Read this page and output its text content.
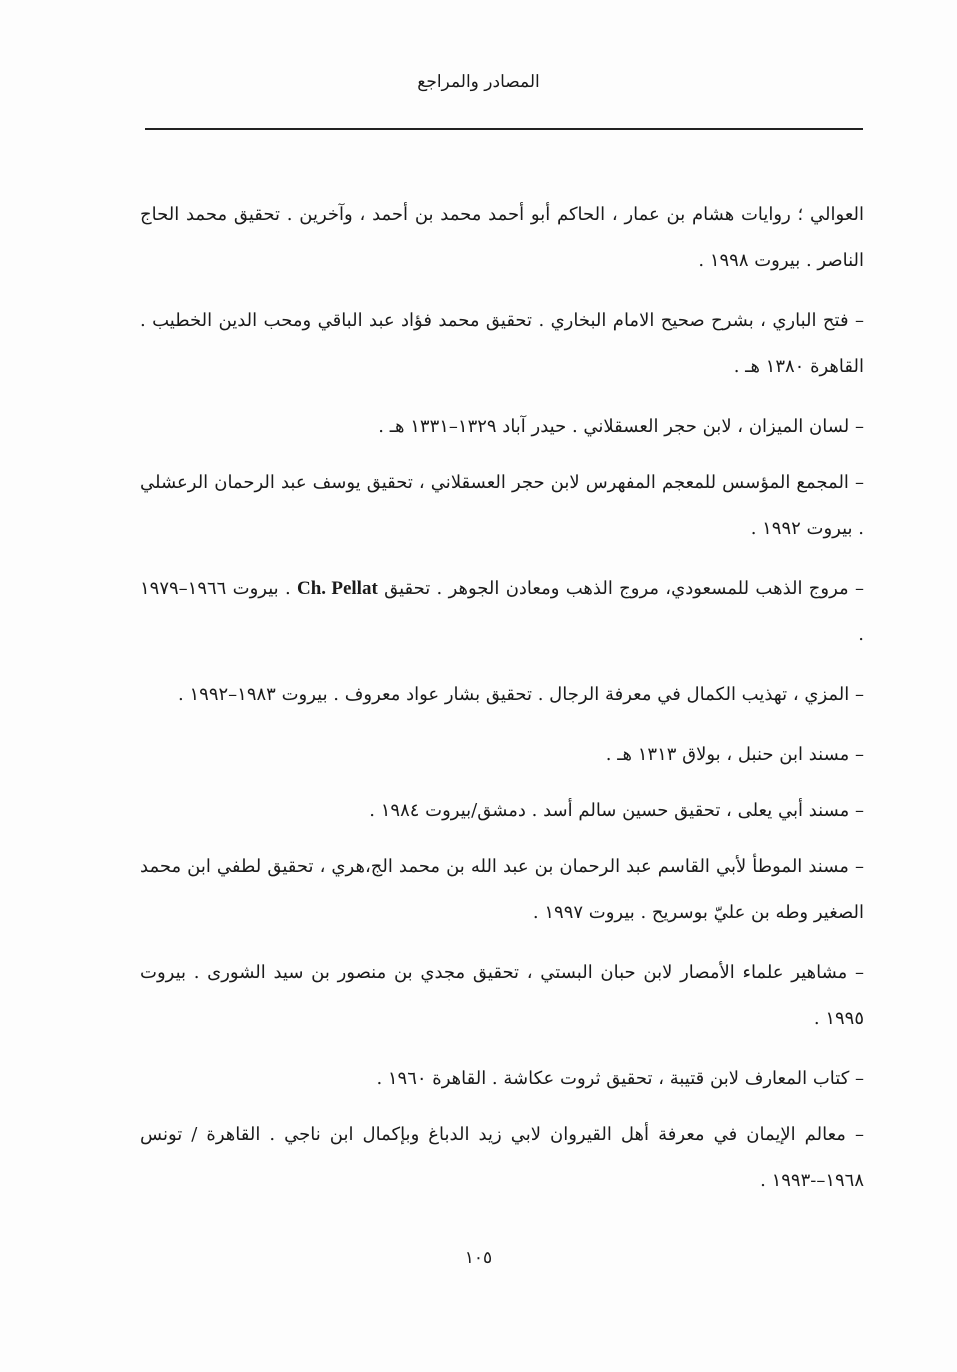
المصادر والمراجع

العوالي ؛ روايات هشام بن عمار ، الحاكم أبو أحمد محمد بن أحمد ، وآخرين . تحقيق محمد الحاج الناصر . بيروت ١٩٩٨ .

– فتح الباري ، بشرح صحيح الامام البخاري . تحقيق محمد فؤاد عبد الباقي ومحب الدين الخطيب . القاهرة ١٣٨٠ هـ .

– لسان الميزان ، لابن حجر العسقلاني . حيدر آباد ١٣٢٩–١٣٣١ هـ .

– المجمع المؤسس للمعجم المفهرس لابن حجر العسقلاني ، تحقيق يوسف عبد الرحمان الرعشلي . بيروت ١٩٩٢ .

– مروج الذهب للمسعودي، مروج الذهب ومعادن الجوهر . تحقيق Ch. Pellat . بيروت ١٩٦٦–١٩٧٩ .

– المزي ، تهذيب الكمال في معرفة الرجال . تحقيق بشار عواد معروف . بيروت ١٩٨٣–١٩٩٢ .

– مسند ابن حنبل ، بولاق ١٣١٣ هـ .

– مسند أبي يعلى ، تحقيق حسين سالم أسد . دمشق/بيروت ١٩٨٤ .

– مسند الموطأ لأبي القاسم عبد الرحمان بن عبد الله بن محمد الج،هري ، تحقيق لطفي ابن محمد الصغير وطه بن عليّ بوسريح . بيروت ١٩٩٧ .

– مشاهير علماء الأمصار لابن حبان البستي ، تحقيق مجدي بن منصور بن سيد الشورى . بيروت ١٩٩٥ .

– كتاب المعارف لابن قتيبة ، تحقيق ثروت عكاشة . القاهرة ١٩٦٠ .

– معالم الإيمان في معرفة أهل القيروان لابي زيد الدباغ وبإكمال ابن ناجي . القاهرة / تونس ١٩٦٨–-١٩٩٣ .

١٠٥
